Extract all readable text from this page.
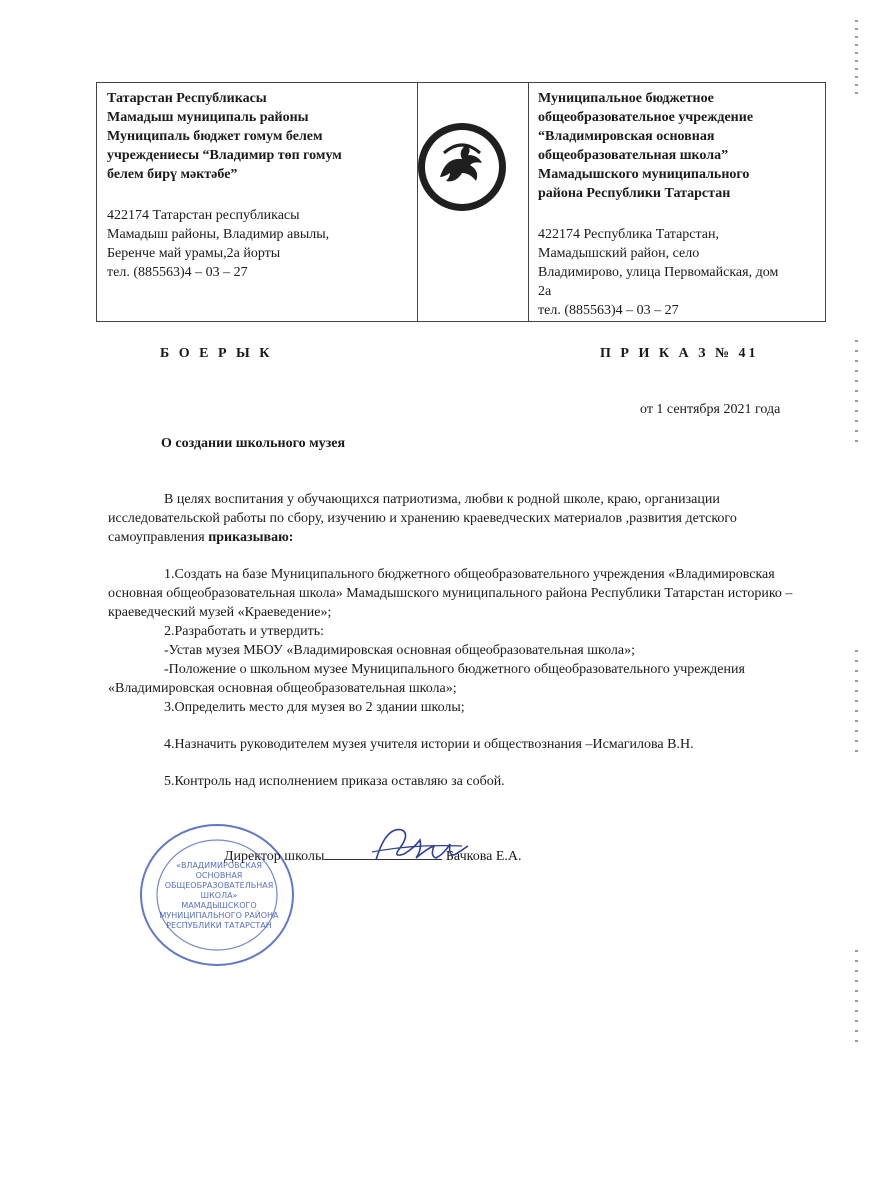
Татарстан Республикасы
Мамадыш муниципаль районы
Муниципаль бюджет гомум белем
учреждениесы “Владимир төп гомум
белем бирү мәктәбе”
422174 Татарстан республикасы
Мамадыш районы, Владимир авылы,
Беренче май урамы,2а йорты
тел. (885563)4 – 03 – 27
Муниципальное бюджетное
общеобразовательное учреждение
“Владимировская основная
общеобразовательная школа”
Мамадышского муниципального
района Республики Татарстан
422174 Республика Татарстан,
Мамадышский район, село
Владимирово, улица Первомайская, дом
2а
тел. (885563)4 – 03 – 27
Б О Е Р Ы К	П Р И К А З № 41
от 1 сентября 2021 года
О создании школьного музея

В целях воспитания у обучающихся патриотизма, любви к родной школе, краю, организации исследовательской работы по сбору, изучению и хранению краеведческих материалов ,развития детского самоуправления приказываю:

1.Создать на базе Муниципального бюджетного общеобразовательного учреждения «Владимировская основная общеобразовательная школа» Мамадышского муниципального района Республики Татарстан историко – краеведческий музей «Краеведение»;

2.Разработать и утвердить:

-Устав музея МБОУ «Владимировская основная общеобразовательная школа»;

-Положение о школьном музее Муниципального бюджетного общеобразовательного учреждения «Владимировская основная общеобразовательная школа»;

3.Определить место для музея во 2 здании школы;

4.Назначить руководителем музея учителя истории и обществознания –Исмагилова В.Н.

5.Контроль над исполнением приказа оставляю за собой.

«ВЛАДИМИРОВСКАЯ
ОСНОВНАЯ
ОБЩЕОБРАЗОВАТЕЛЬНАЯ
ШКОЛА»
МАМАДЫШСКОГО
МУНИЦИПАЛЬНОГО РАЙОНА
РЕСПУБЛИКИ ТАТАРСТАН
Директор школы	Бачкова Е.А.
